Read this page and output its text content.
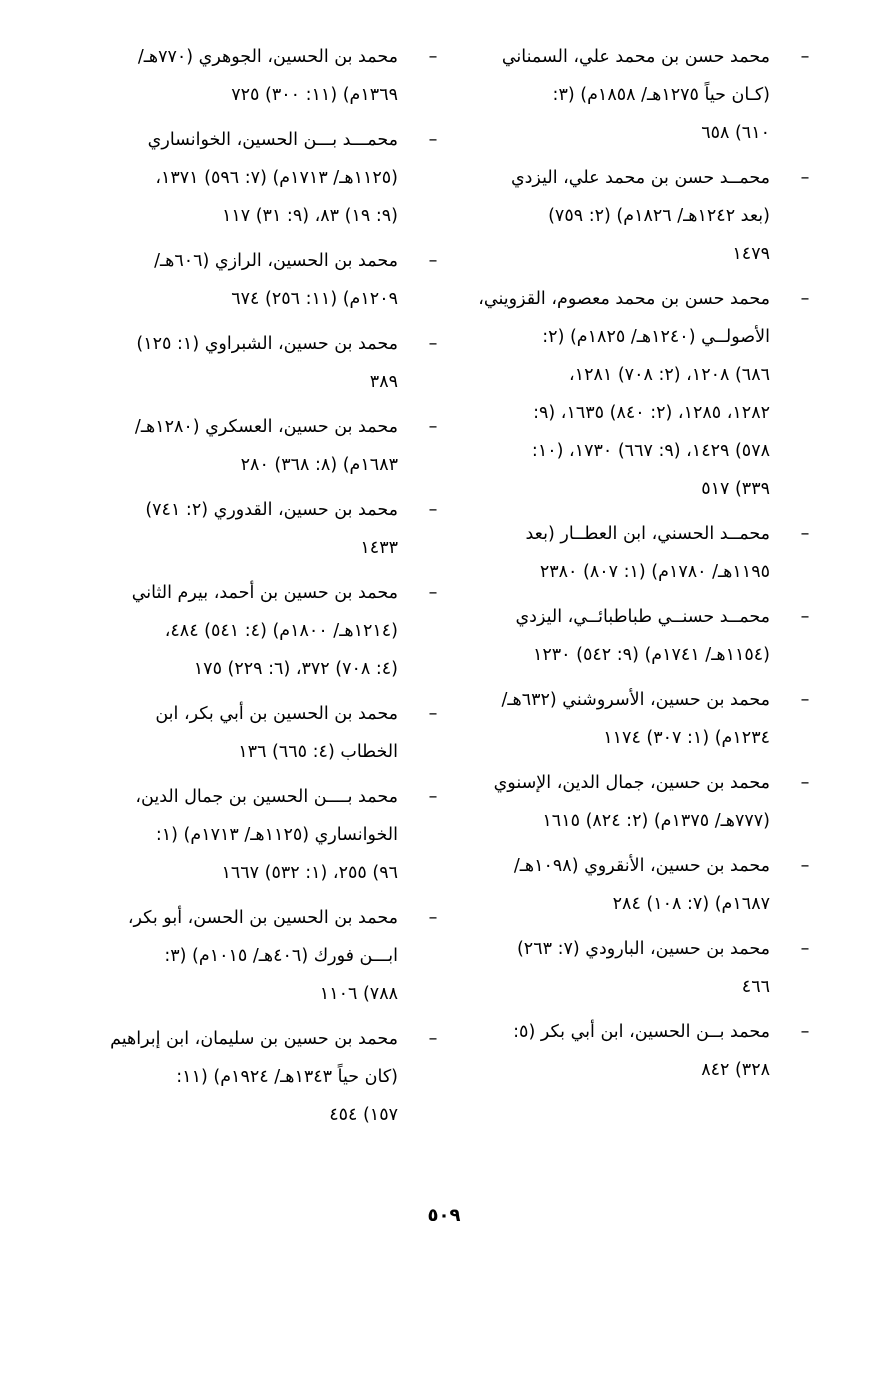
–
محمد حسن بن محمد علي، السمناني
(كـان حياً ١٢٧٥هـ/ ١٨٥٨م) (٣:
٦١٠) ٦٥٨
–
محمــد حسن بن محمد علي، اليزدي
(بعد ١٢٤٢هـ/ ١٨٢٦م) (٢: ٧٥٩)
١٤٧٩
–
محمد حسن بن محمد معصوم، القزويني،
الأصولــي (١٢٤٠هـ/ ١٨٢٥م) (٢:
٦٨٦) ١٢٠٨، (٢: ٧٠٨) ١٢٨١،
١٢٨٢، ١٢٨٥، (٢: ٨٤٠) ١٦٣٥، (٩:
٥٧٨) ١٤٢٩، (٩: ٦٦٧) ١٧٣٠، (١٠:
٣٣٩) ٥١٧
–
محمــد الحسني، ابن العطــار (بعد
١١٩٥هـ/ ١٧٨٠م) (١: ٨٠٧) ٢٣٨٠
–
محمــد حسنــي طباطبائــي، اليزدي
(١١٥٤هـ/ ١٧٤١م) (٩: ٥٤٢) ١٢٣٠
–
محمد بن حسين، الأسروشني (٦٣٢هـ/
١٢٣٤م) (١: ٣٠٧) ١١٧٤
–
محمد بن حسين، جمال الدين، الإسنوي
(٧٧٧هـ/ ١٣٧٥م) (٢: ٨٢٤) ١٦١٥
–
محمد بن حسين، الأنقروي (١٠٩٨هـ/
١٦٨٧م) (٧: ١٠٨) ٢٨٤
–
محمد بن حسين، البارودي (٧: ٢٦٣)
٤٦٦
–
محمد بــن الحسين، ابن أبي بكر (٥:
٣٢٨) ٨٤٢
–
محمد بن الحسين، الجوهري (٧٧٠هـ/
١٣٦٩م) (١١: ٣٠٠) ٧٢٥
–
محمـــد بـــن الحسين، الخوانساري
(١١٢٥هـ/ ١٧١٣م) (٧: ٥٩٦) ١٣٧١،
(٩: ١٩) ٨٣، (٩: ٣١) ١١٧
–
محمد بن الحسين، الرازي (٦٠٦هـ/
١٢٠٩م) (١١: ٢٥٦) ٦٧٤
–
محمد بن حسين، الشبراوي (١: ١٢٥)
٣٨٩
–
محمد بن حسين، العسكري (١٢٨٠هـ/
١٦٨٣م) (٨: ٣٦٨) ٢٨٠
–
محمد بن حسين، القدوري (٢: ٧٤١)
١٤٣٣
–
محمد بن حسين بن أحمد، بيرم الثاني
(١٢١٤هـ/ ١٨٠٠م) (٤: ٥٤١) ٤٨٤،
(٤: ٧٠٨) ٣٧٢، (٦: ٢٢٩) ١٧٥
–
محمد بن الحسين بن أبي بكر، ابن
الخطاب (٤: ٦٦٥) ١٣٦
–
محمد بــــن الحسين بن جمال الدين،
الخوانساري (١١٢٥هـ/ ١٧١٣م) (١:
٩٦) ٢٥٥، (١: ٥٣٢) ١٦٦٧
–
محمد بن الحسين بن الحسن، أبو بكر،
ابـــن فورك (٤٠٦هـ/ ١٠١٥م) (٣:
٧٨٨) ١١٠٦
–
محمد بن حسين بن سليمان، ابن إبراهيم
(كان حياً ١٣٤٣هـ/ ١٩٢٤م) (١١:
١٥٧) ٤٥٤
٥٠٩
